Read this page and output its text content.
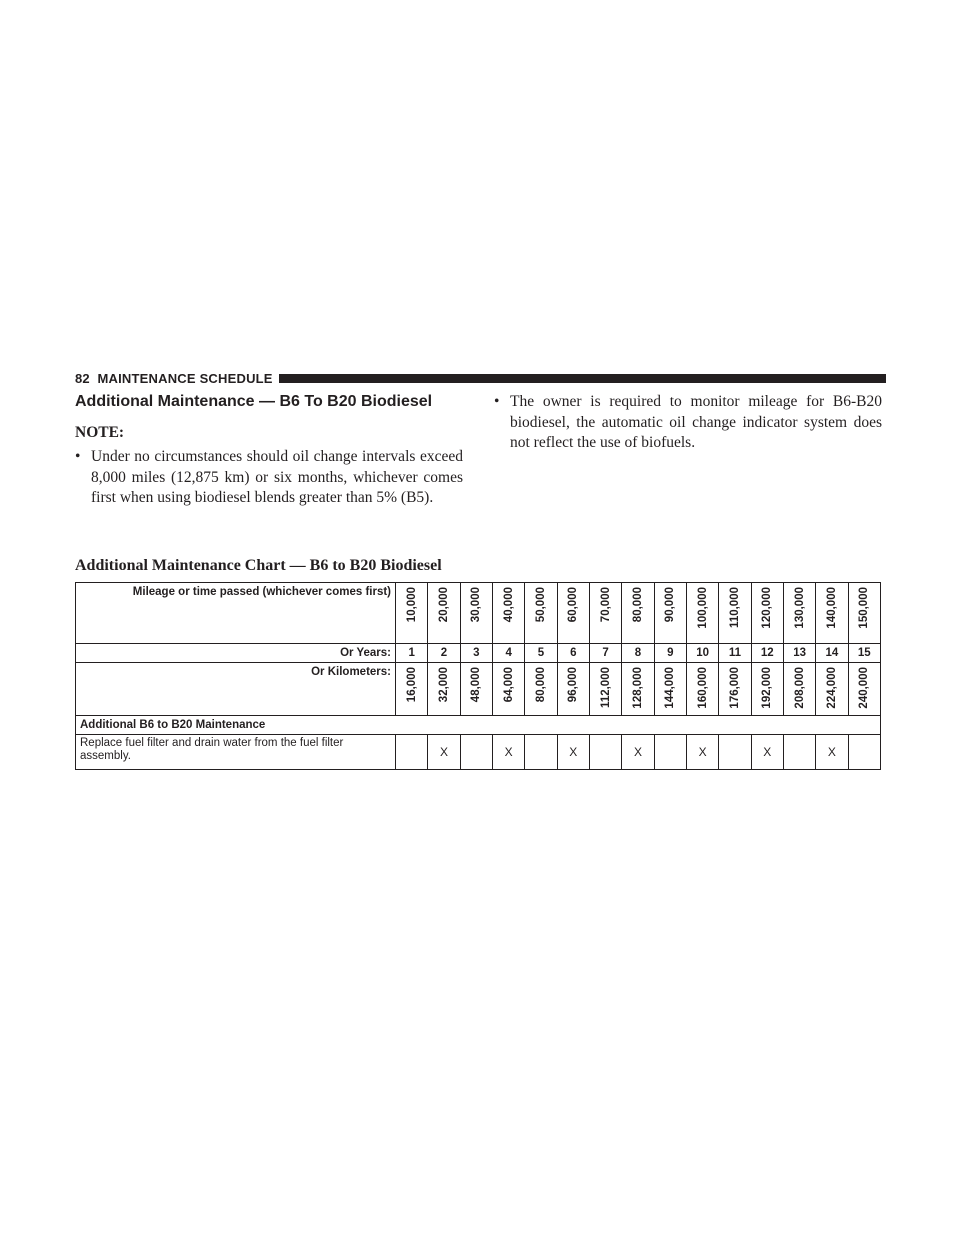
82 MAINTENANCE SCHEDULE
Additional Maintenance — B6 To B20 Biodiesel
NOTE:
• Under no circumstances should oil change intervals exceed 8,000 miles (12,875 km) or six months, whichever comes first when using biodiesel blends greater than 5% (B5).
• The owner is required to monitor mileage for B6-B20 biodiesel, the automatic oil change indicator system does not reflect the use of biofuels.
Additional Maintenance Chart — B6 to B20 Biodiesel
Mileage or time passed (whichever comes first)	10,000	20,000	30,000	40,000	50,000	60,000	70,000	80,000	90,000	100,000	110,000	120,000	130,000	140,000	150,000
Or Years:	1	2	3	4	5	6	7	8	9	10	11	12	13	14	15
Or Kilometers:	16,000	32,000	48,000	64,000	80,000	96,000	112,000	128,000	144,000	160,000	176,000	192,000	208,000	224,000	240,000
Additional B6 to B20 Maintenance															
Replace fuel filter and drain water from the fuel filter assembly.		X		X		X		X		X		X		X	
